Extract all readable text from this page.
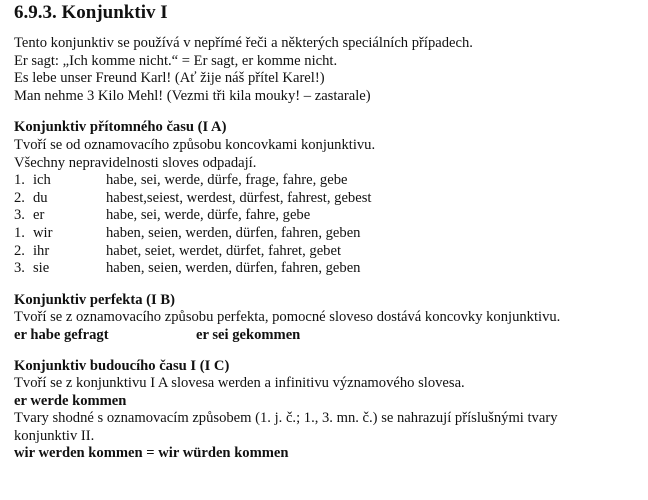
6.9.3. Konjunktiv I

Tento konjunktiv se používá v nepřímé řeči a některých speciálních případech.

Er sagt: „Ich komme nicht.“ = Er sagt, er komme nicht.

Es lebe unser Freund Karl! (Ať žije náš přítel Karel!)

Man nehme 3 Kilo Mehl! (Vezmi tři kila mouky! – zastarale)

Konjunktiv přítomného času (I A)

Tvoří se od oznamovacího způsobu koncovkami konjunktivu.

Všechny nepravidelnosti sloves odpadají.

1. ich	habe, sei, werde, dürfe, frage, fahre, gebe
2. du	habest,seiest, werdest, dürfest, fahrest, gebest
3. er	habe, sei, werde, dürfe, fahre, gebe
1. wir	haben, seien, werden, dürfen, fahren, geben
2. ihr	habet, seiet, werdet, dürfet, fahret, gebet
3. sie	haben, seien, werden, dürfen, fahren, geben

Konjunktiv perfekta (I B)

Tvoří se z oznamovacího způsobu perfekta, pomocné sloveso dostává koncovky konjunktivu.

er habe gefragt	er sei gekommen

Konjunktiv budoucího času I (I C)

Tvoří se z konjunktivu I A slovesa werden a infinitivu významového slovesa.

er werde kommen

Tvary shodné s oznamovacím způsobem (1. j. č.; 1., 3. mn. č.) se nahrazují příslušnými tvary

konjunktiv II.

wir werden kommen = wir würden kommen
